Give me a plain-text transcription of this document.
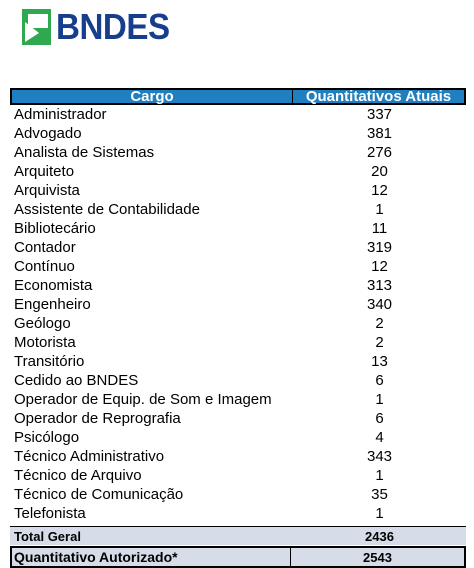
BNDES
Cargo	Quantitativos Atuais
Administrador	337
Advogado	381
Analista de Sistemas	276
Arquiteto	20
Arquivista	12
Assistente de Contabilidade	1
Bibliotecário	11
Contador	319
Contínuo	12
Economista	313
Engenheiro	340
Geólogo	2
Motorista	2
Transitório	13
Cedido ao BNDES	6
Operador de Equip. de Som e Imagem	1
Operador de Reprografia	6
Psicólogo	4
Técnico Administrativo	343
Técnico de Arquivo	1
Técnico de Comunicação	35
Telefonista	1
Total Geral	2436
Quantitativo Autorizado*	2543
